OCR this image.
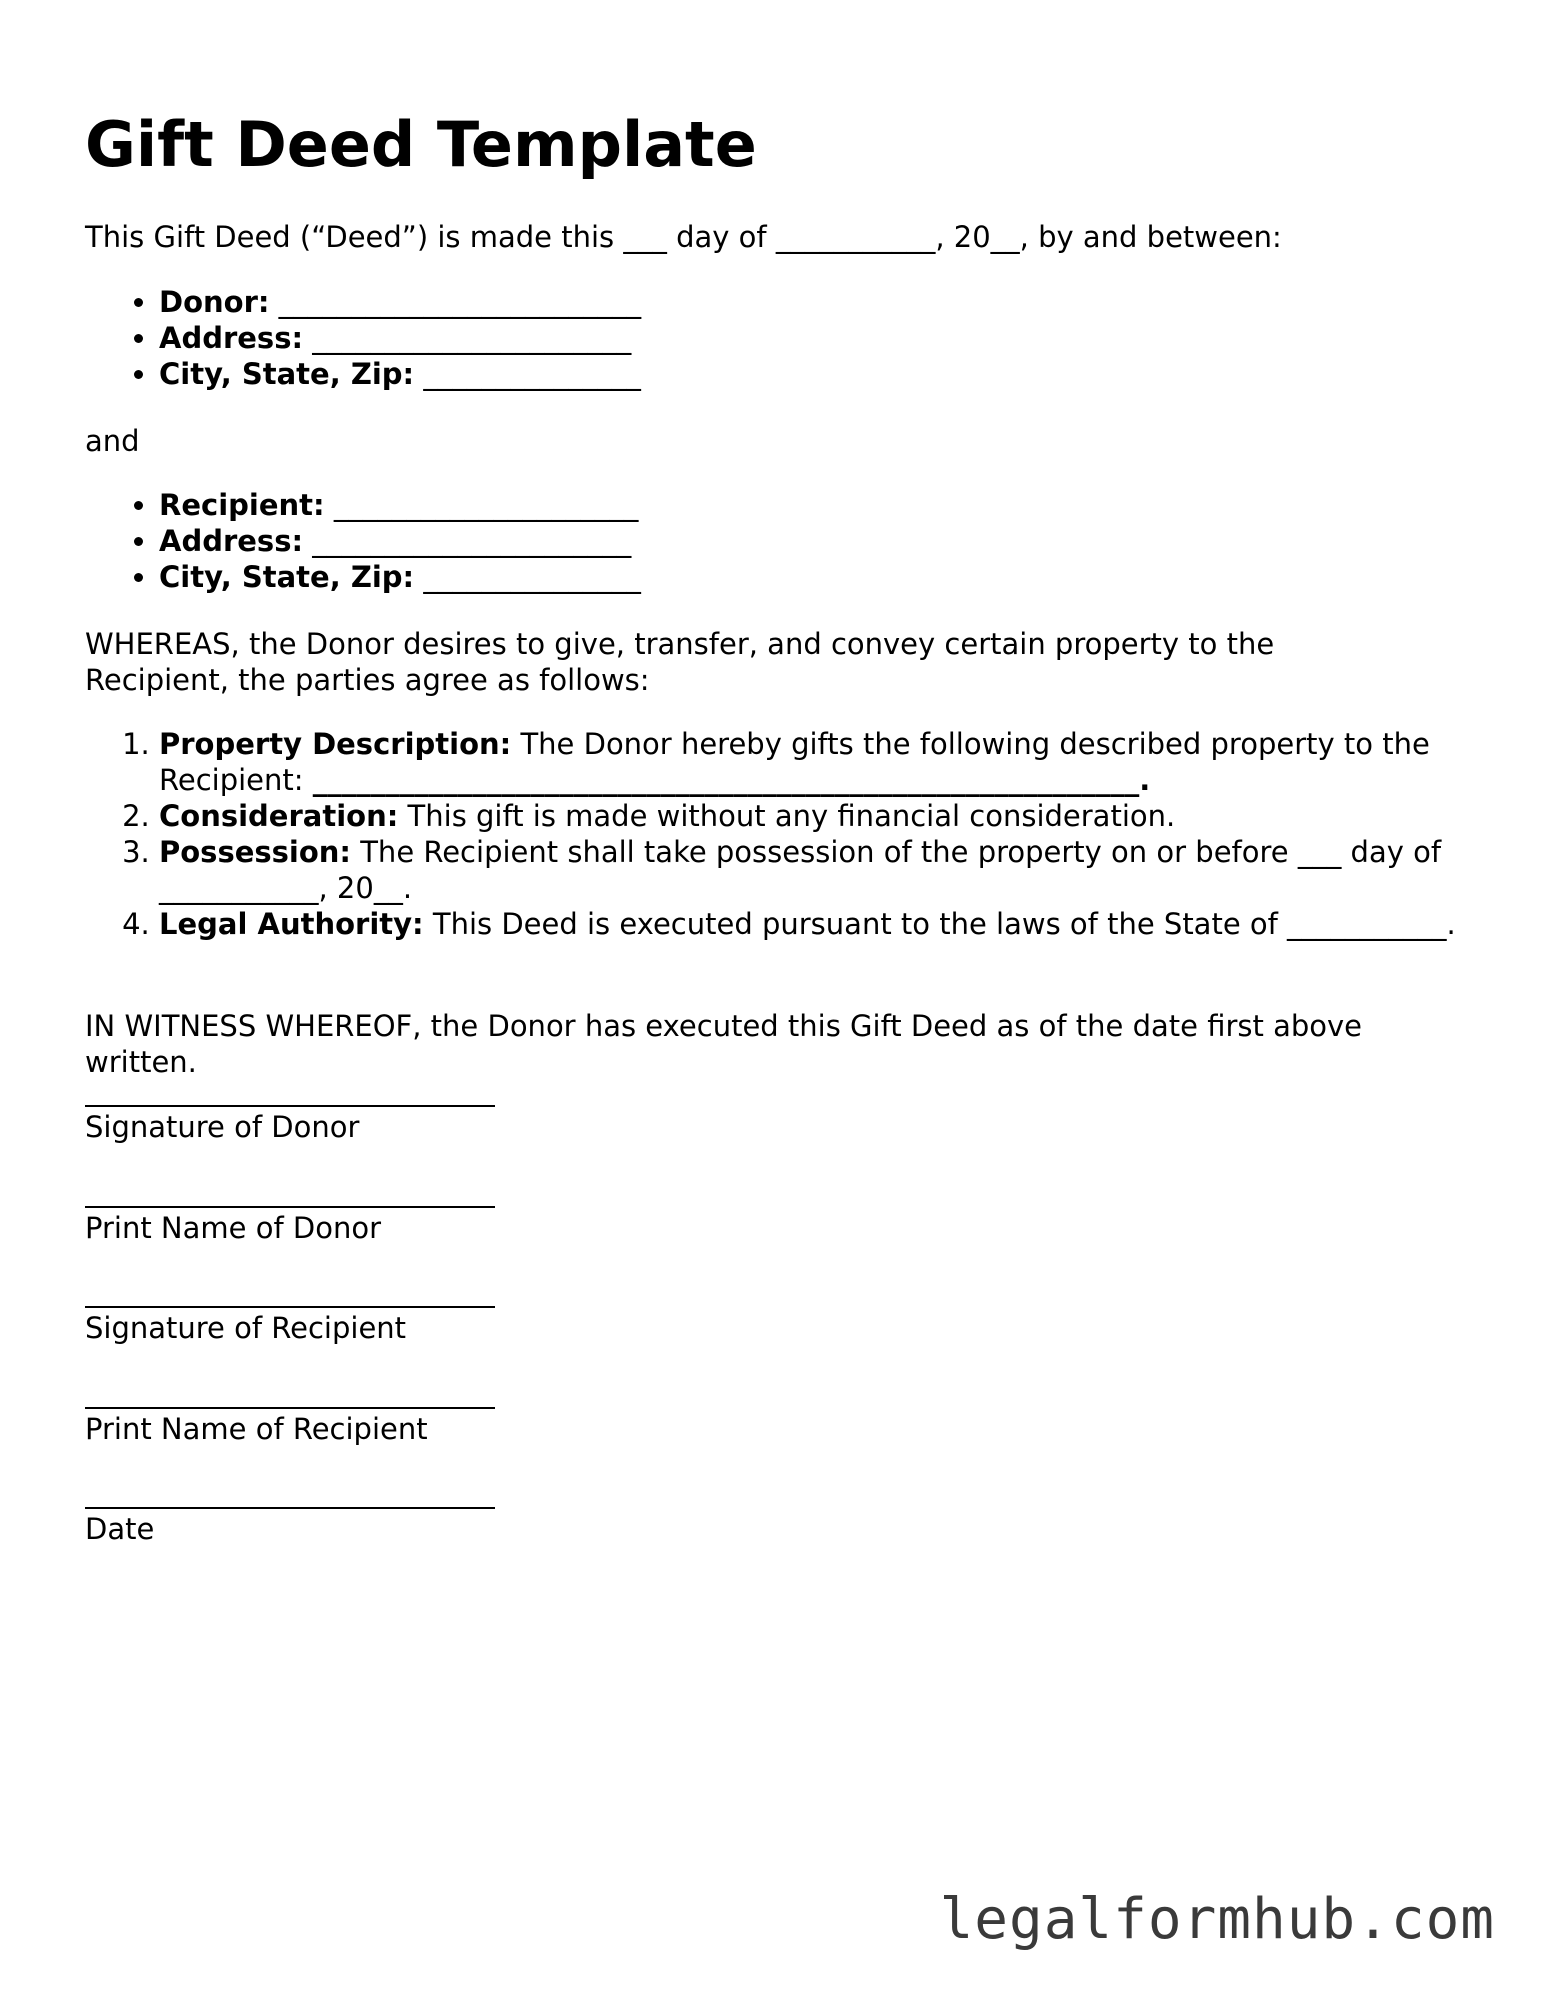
Gift Deed Template

This Gift Deed (“Deed”) is made this ___ day of ___________, 20__, by and between:

• Donor: _________________________
• Address: ______________________
• City, State, Zip: _______________

and

• Recipient: _____________________
• Address: ______________________
• City, State, Zip: _______________

WHEREAS, the Donor desires to give, transfer, and convey certain property to the Recipient, the parties agree as follows:

1. Property Description: The Donor hereby gifts the following described property to the Recipient: _________________________________________________________.
2. Consideration: This gift is made without any financial consideration.
3. Possession: The Recipient shall take possession of the property on or before ___ day of ___________, 20__.
4. Legal Authority: This Deed is executed pursuant to the laws of the State of ___________.

IN WITNESS WHEREOF, the Donor has executed this Gift Deed as of the date first above written.

Signature of Donor
Print Name of Donor
Signature of Recipient
Print Name of Recipient
Date
legalformhub.com
